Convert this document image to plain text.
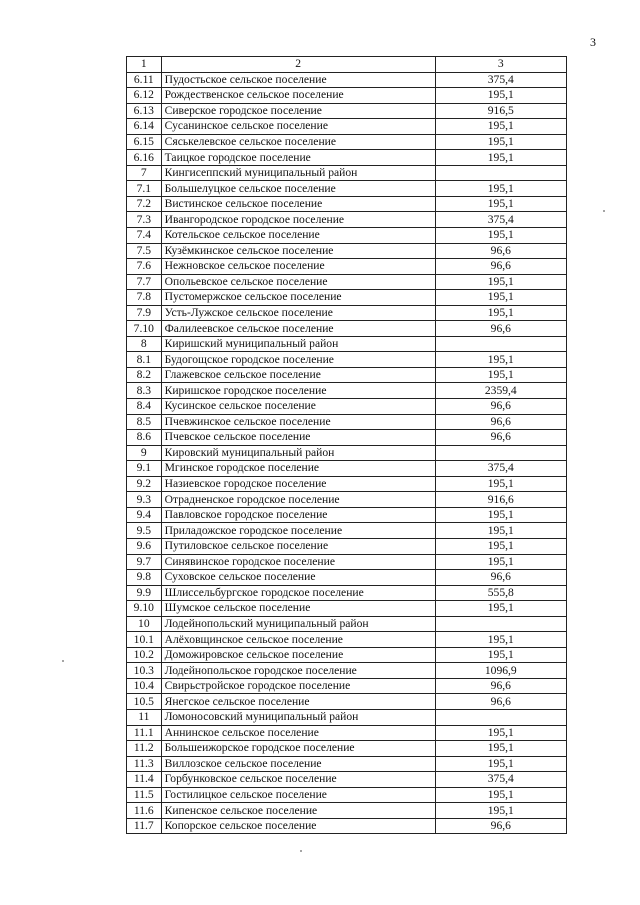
3
1	2	3
6.11	Пудостьское сельское поселение	375,4
6.12	Рождественское сельское поселение	195,1
6.13	Сиверское городское поселение	916,5
6.14	Сусанинское сельское поселение	195,1
6.15	Сяськелевское сельское поселение	195,1
6.16	Таицкое городское поселение	195,1
7	Кингисеппский муниципальный район	
7.1	Большелуцкое сельское поселение	195,1
7.2	Вистинское сельское поселение	195,1
7.3	Ивангородское городское поселение	375,4
7.4	Котельское сельское поселение	195,1
7.5	Кузёмкинское сельское поселение	96,6
7.6	Нежновское сельское поселение	96,6
7.7	Опольевское сельское поселение	195,1
7.8	Пустомержское сельское поселение	195,1
7.9	Усть-Лужское сельское поселение	195,1
7.10	Фалилеевское сельское поселение	96,6
8	Киришский муниципальный район	
8.1	Будогощское городское поселение	195,1
8.2	Глажевское сельское поселение	195,1
8.3	Киришское городское поселение	2359,4
8.4	Кусинское сельское поселение	96,6
8.5	Пчевжинское сельское поселение	96,6
8.6	Пчевское сельское поселение	96,6
9	Кировский муниципальный район	
9.1	Мгинское городское поселение	375,4
9.2	Назиевское городское поселение	195,1
9.3	Отрадненское городское поселение	916,6
9.4	Павловское городское поселение	195,1
9.5	Приладожское городское поселение	195,1
9.6	Путиловское сельское поселение	195,1
9.7	Синявинское городское поселение	195,1
9.8	Суховское сельское поселение	96,6
9.9	Шлиссельбургское городское поселение	555,8
9.10	Шумское сельское поселение	195,1
10	Лодейнопольский муниципальный район	
10.1	Алёховщинское сельское поселение	195,1
10.2	Доможировское сельское поселение	195,1
10.3	Лодейнопольское городское поселение	1096,9
10.4	Свирьстройское городское поселение	96,6
10.5	Янегское сельское поселение	96,6
11	Ломоносовский муниципальный район	
11.1	Аннинское сельское поселение	195,1
11.2	Большеижорское городское поселение	195,1
11.3	Виллозское сельское поселение	195,1
11.4	Горбунковское сельское поселение	375,4
11.5	Гостилицкое сельское поселение	195,1
11.6	Кипенское сельское поселение	195,1
11.7	Копорское сельское поселение	96,6
